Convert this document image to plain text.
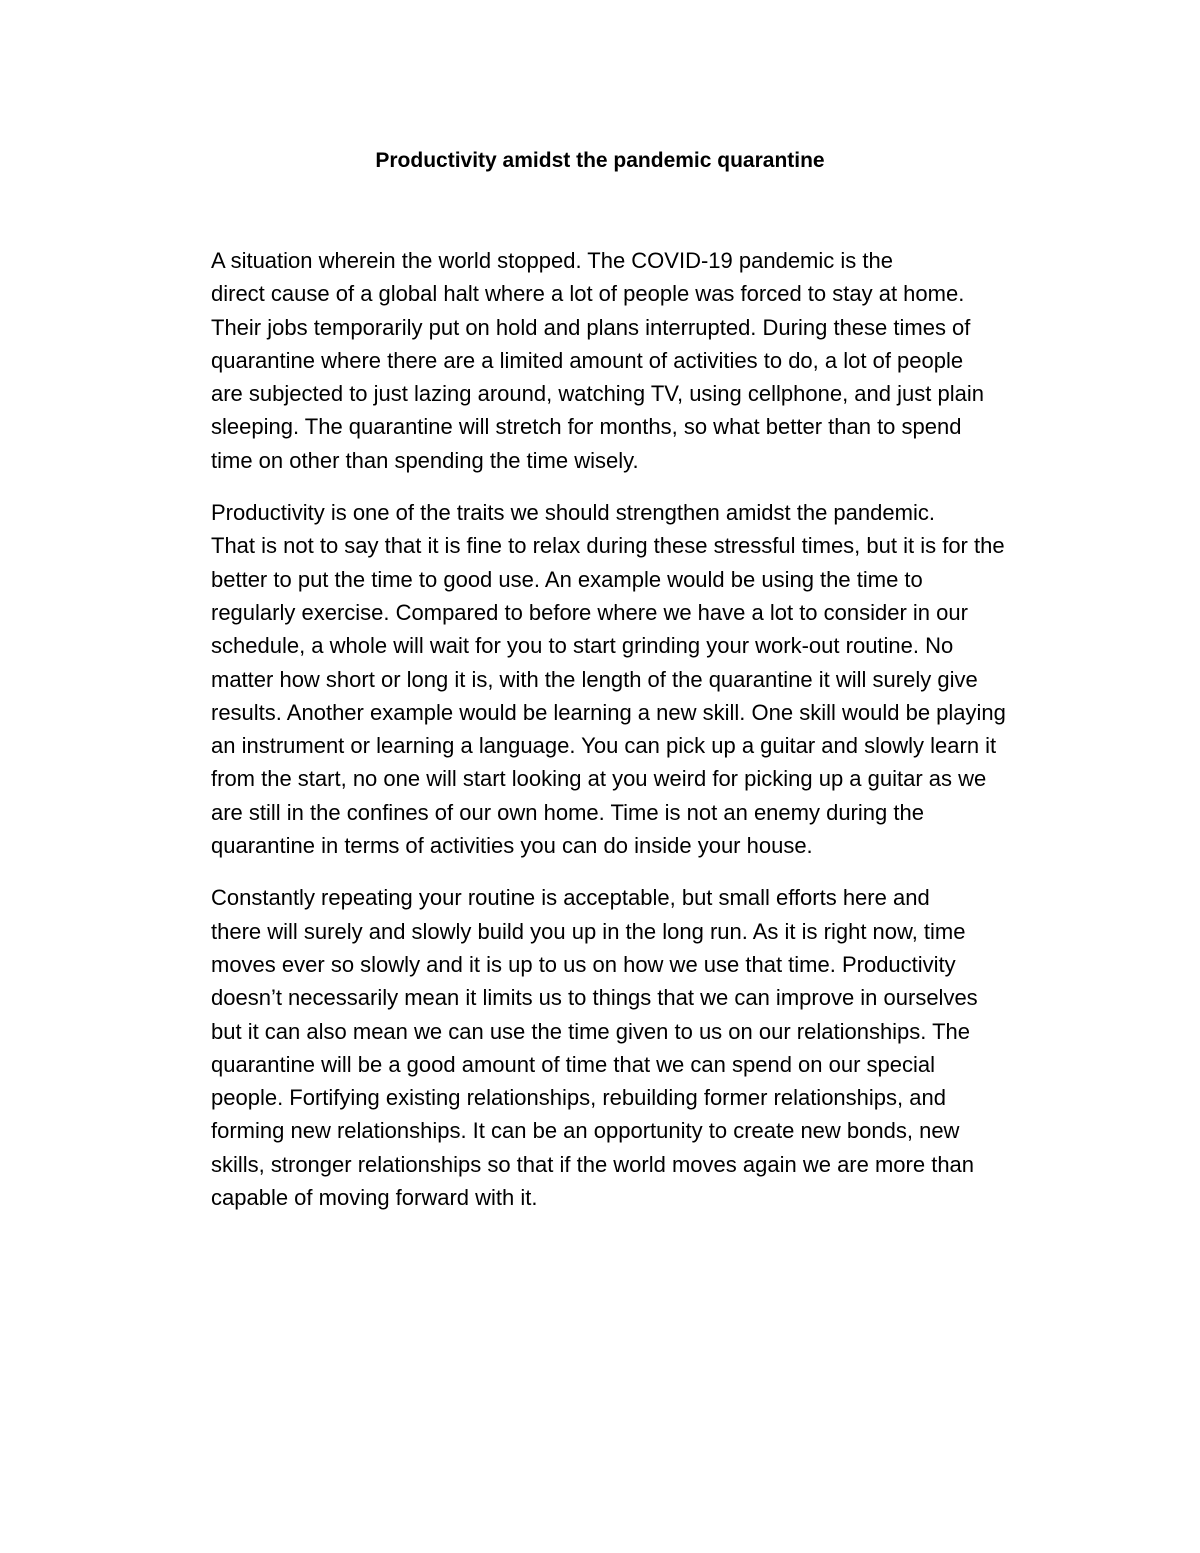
Productivity amidst the pandemic quarantine

A situation wherein the world stopped. The COVID-19 pandemic is the
direct cause of a global halt where a lot of people was forced to stay at home.
Their jobs temporarily put on hold and plans interrupted. During these times of
quarantine where there are a limited amount of activities to do, a lot of people
are subjected to just lazing around, watching TV, using cellphone, and just plain
sleeping. The quarantine will stretch for months, so what better than to spend
time on other than spending the time wisely.

Productivity is one of the traits we should strengthen amidst the pandemic.
That is not to say that it is fine to relax during these stressful times, but it is for the
better to put the time to good use. An example would be using the time to
regularly exercise. Compared to before where we have a lot to consider in our
schedule, a whole will wait for you to start grinding your work-out routine. No
matter how short or long it is, with the length of the quarantine it will surely give
results. Another example would be learning a new skill. One skill would be playing
an instrument or learning a language. You can pick up a guitar and slowly learn it
from the start, no one will start looking at you weird for picking up a guitar as we
are still in the confines of our own home. Time is not an enemy during the
quarantine in terms of activities you can do inside your house.

Constantly repeating your routine is acceptable, but small efforts here and
there will surely and slowly build you up in the long run. As it is right now, time
moves ever so slowly and it is up to us on how we use that time. Productivity
doesn’t necessarily mean it limits us to things that we can improve in ourselves
but it can also mean we can use the time given to us on our relationships. The
quarantine will be a good amount of time that we can spend on our special
people. Fortifying existing relationships, rebuilding former relationships, and
forming new relationships. It can be an opportunity to create new bonds, new
skills, stronger relationships so that if the world moves again we are more than
capable of moving forward with it.
